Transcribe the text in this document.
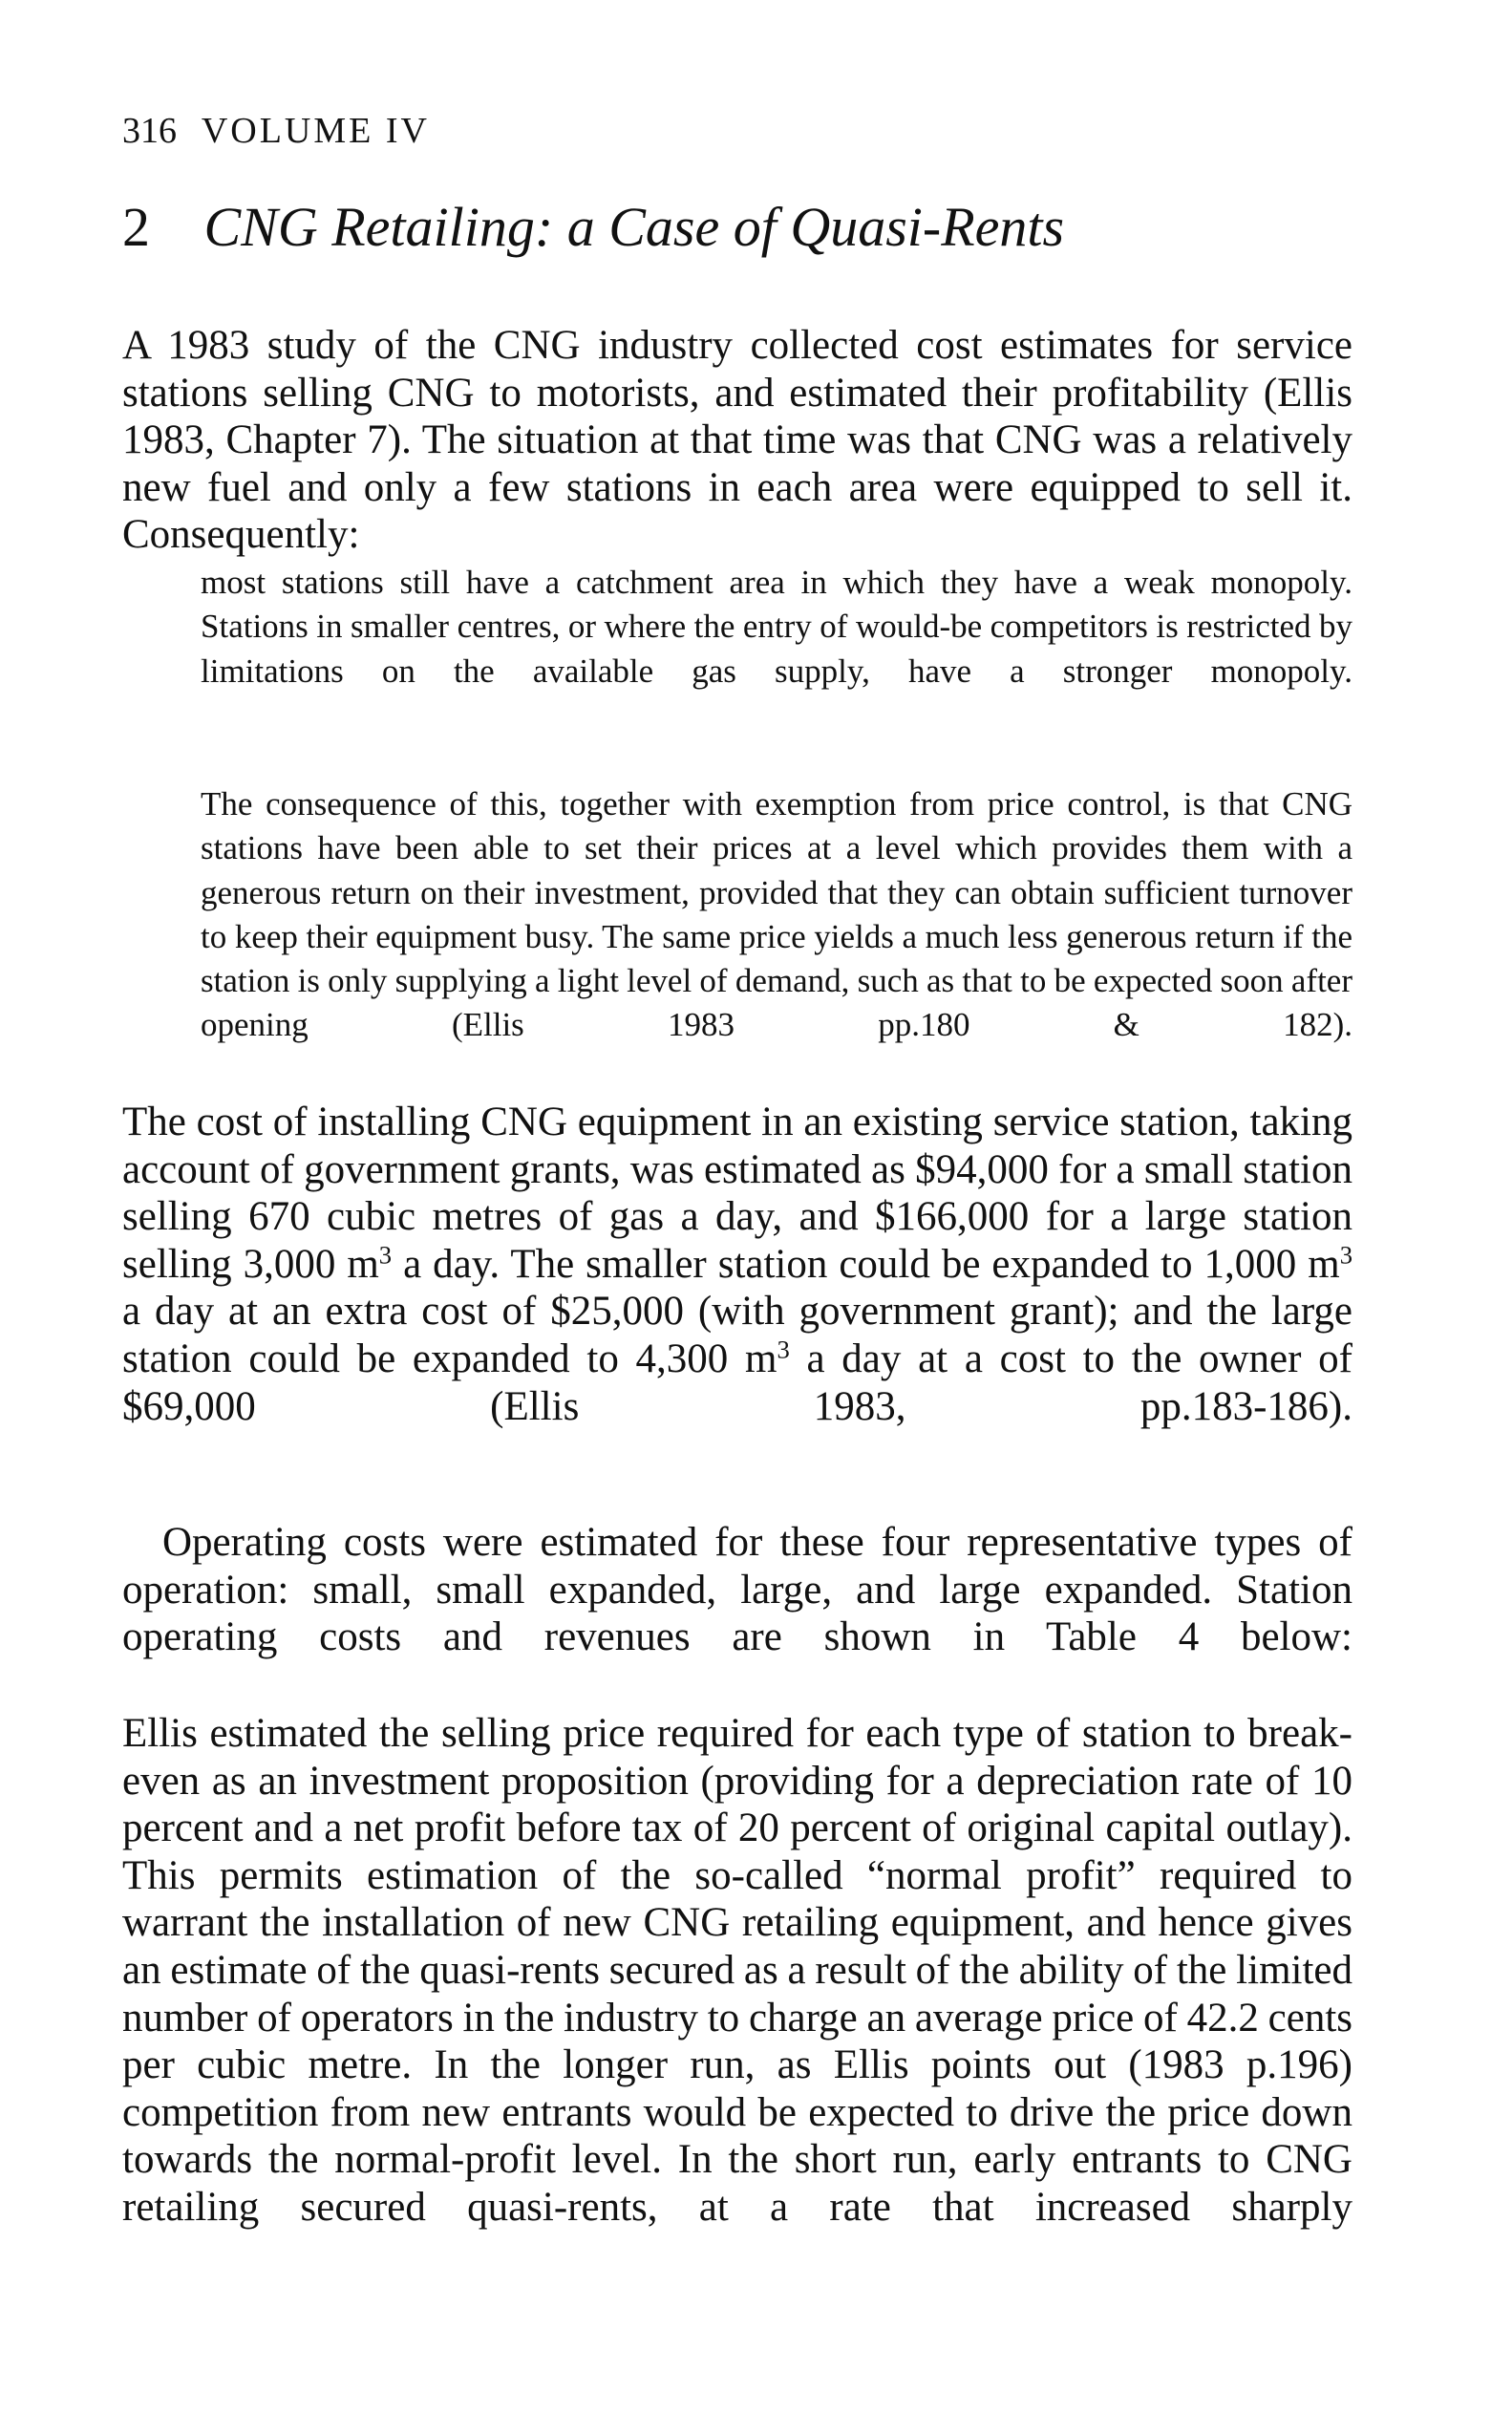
316 VOLUME IV
2 CNG Retailing: a Case of Quasi-Rents
A 1983 study of the CNG industry collected cost estimates for service stations selling CNG to motorists, and estimated their profitability (Ellis 1983, Chapter 7). The situation at that time was that CNG was a relatively new fuel and only a few stations in each area were equipped to sell it. Consequently:
most stations still have a catchment area in which they have a weak monopoly. Stations in smaller centres, or where the entry of would-be competitors is restricted by limitations on the available gas supply, have a stronger monopoly.
The consequence of this, together with exemption from price control, is that CNG stations have been able to set their prices at a level which provides them with a generous return on their investment, provided that they can obtain sufficient turnover to keep their equipment busy. The same price yields a much less generous return if the station is only supplying a light level of demand, such as that to be expected soon after opening (Ellis 1983 pp.180 & 182).
The cost of installing CNG equipment in an existing service station, taking account of government grants, was estimated as $94,000 for a small station selling 670 cubic metres of gas a day, and $166,000 for a large station selling 3,000 $m^3$ a day. The smaller station could be expanded to 1,000 $m^3$ a day at an extra cost of $25,000 (with government grant); and the large station could be expanded to 4,300 $m^3$ a day at a cost to the owner of $69,000 (Ellis 1983, pp.183-186).
Operating costs were estimated for these four representative types of operation: small, small expanded, large, and large expanded. Station operating costs and revenues are shown in Table 4 below:
Ellis estimated the selling price required for each type of station to break-even as an investment proposition (providing for a depreciation rate of 10 percent and a net profit before tax of 20 percent of original capital outlay). This permits estimation of the so-called “normal profit” required to warrant the installation of new CNG retailing equipment, and hence gives an estimate of the quasi-rents secured as a result of the ability of the limited number of operators in the industry to charge an average price of 42.2 cents per cubic metre. In the longer run, as Ellis points out (1983 p.196) competition from new entrants would be expected to drive the price down towards the normal-profit level. In the short run, early entrants to CNG retailing secured quasi-rents, at a rate that increased sharply
